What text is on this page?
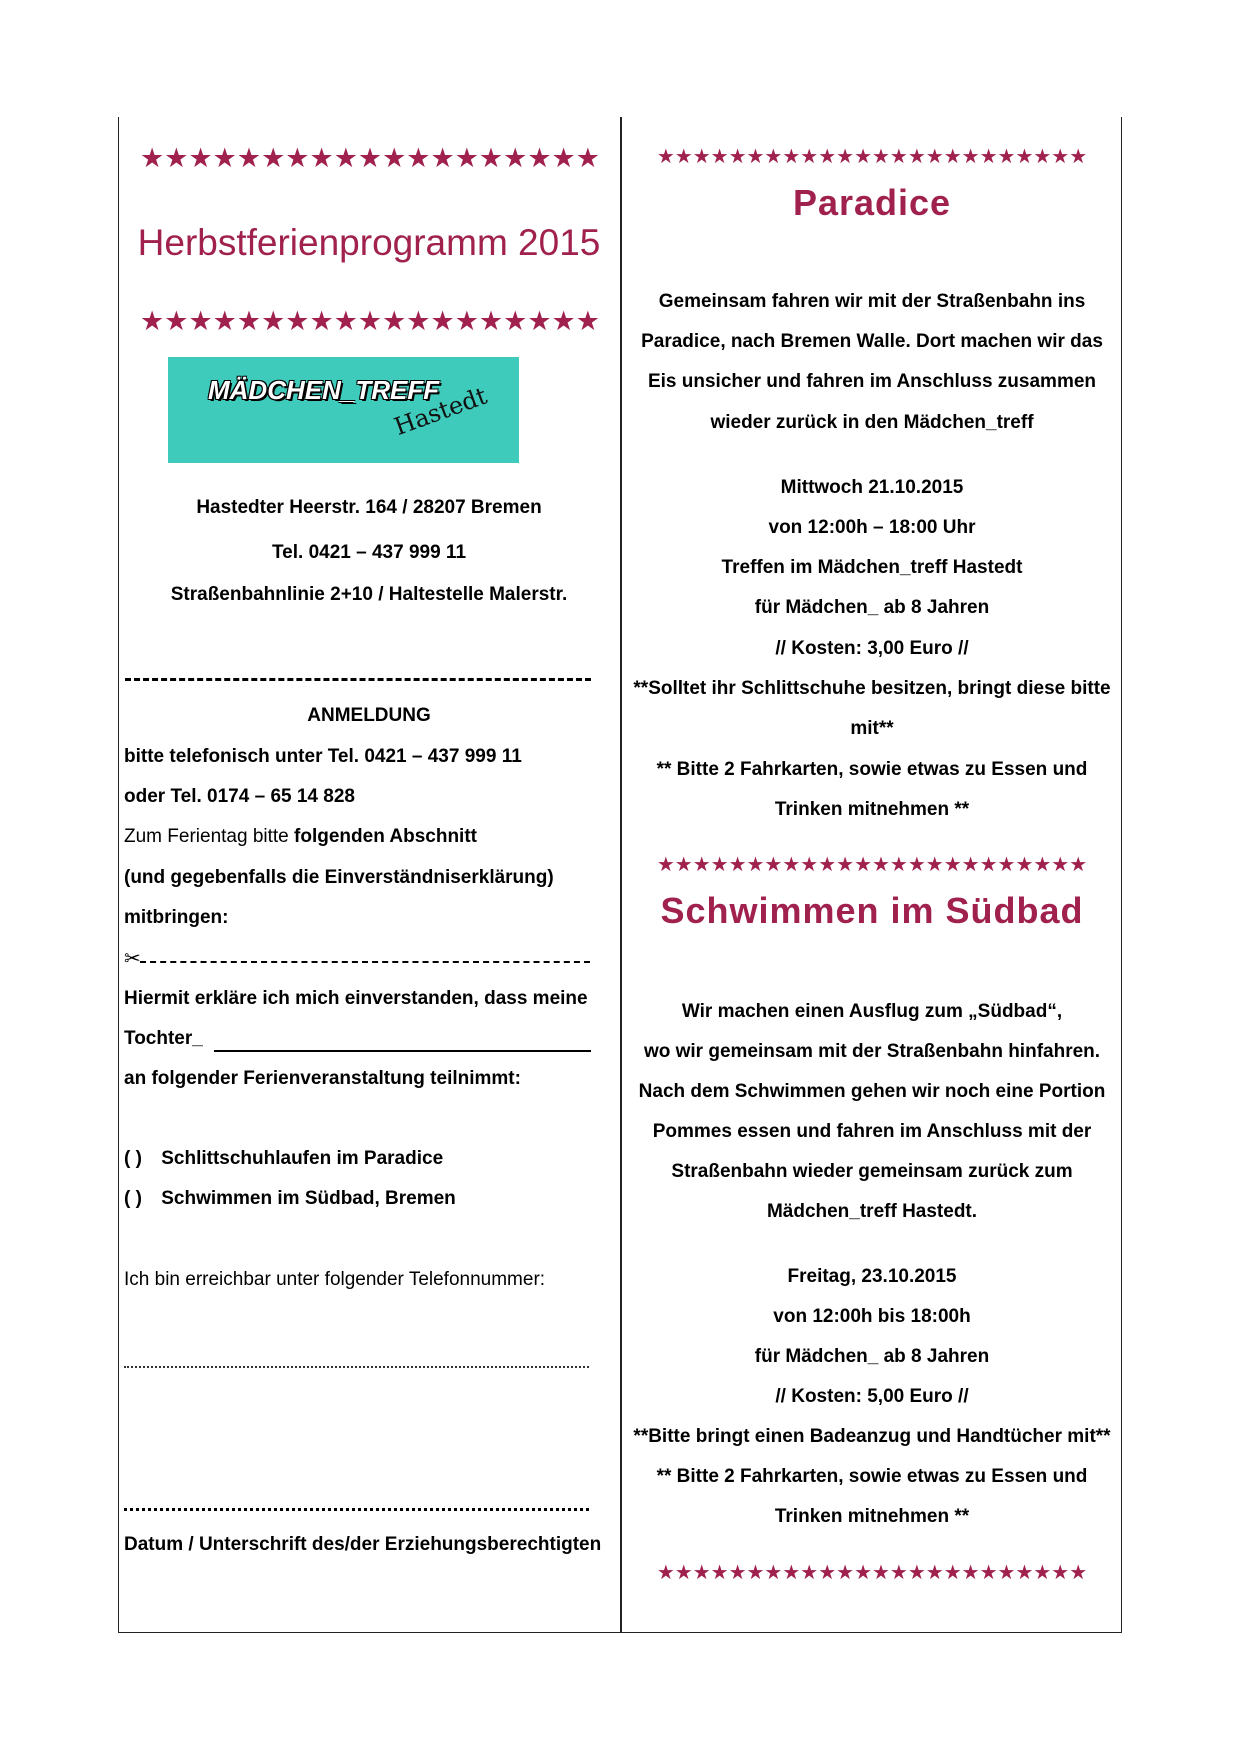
★★★★★★★★★★★★★★★★★★★
Herbstferienprogramm 2015
★★★★★★★★★★★★★★★★★★★
MÄDCHEN_TREFF
Hastedt
Hastedter Heerstr. 164 / 28207 Bremen
Tel. 0421 – 437 999 11
Straßenbahnlinie 2+10 / Haltestelle Malerstr.
ANMELDUNG
bitte telefonisch unter Tel. 0421 – 437 999 11
oder Tel. 0174 – 65 14 828
Zum Ferientag bitte folgenden Abschnitt
(und gegebenfalls die Einverständniserklärung)
mitbringen:
✂
Hiermit erkläre ich mich einverstanden, dass meine
Tochter_
an folgender Ferienveranstaltung teilnimmt:
( ) Schlittschuhlaufen im Paradice
( ) Schwimmen im Südbad, Bremen
Ich bin erreichbar unter folgender Telefonnummer:
Datum / Unterschrift des/der Erziehungsberechtigten
★★★★★★★★★★★★★★★★★★★★★★★★
Paradice
Gemeinsam fahren wir mit der Straßenbahn ins
Paradice, nach Bremen Walle. Dort machen wir das
Eis unsicher und fahren im Anschluss zusammen
wieder zurück in den Mädchen_treff
Mittwoch 21.10.2015
von 12:00h – 18:00 Uhr
Treffen im Mädchen_treff Hastedt
für Mädchen_ ab 8 Jahren
// Kosten: 3,00 Euro //
**Solltet ihr Schlittschuhe besitzen, bringt diese bitte
mit**
** Bitte 2 Fahrkarten, sowie etwas zu Essen und
Trinken mitnehmen **
★★★★★★★★★★★★★★★★★★★★★★★★
Schwimmen im Südbad
Wir machen einen Ausflug zum „Südbad“,
wo wir gemeinsam mit der Straßenbahn hinfahren.
Nach dem Schwimmen gehen wir noch eine Portion
Pommes essen und fahren im Anschluss mit der
Straßenbahn wieder gemeinsam zurück zum
Mädchen_treff Hastedt.
Freitag, 23.10.2015
von 12:00h bis 18:00h
für Mädchen_ ab 8 Jahren
// Kosten: 5,00 Euro //
**Bitte bringt einen Badeanzug und Handtücher mit**
** Bitte 2 Fahrkarten, sowie etwas zu Essen und
Trinken mitnehmen **
★★★★★★★★★★★★★★★★★★★★★★★★
